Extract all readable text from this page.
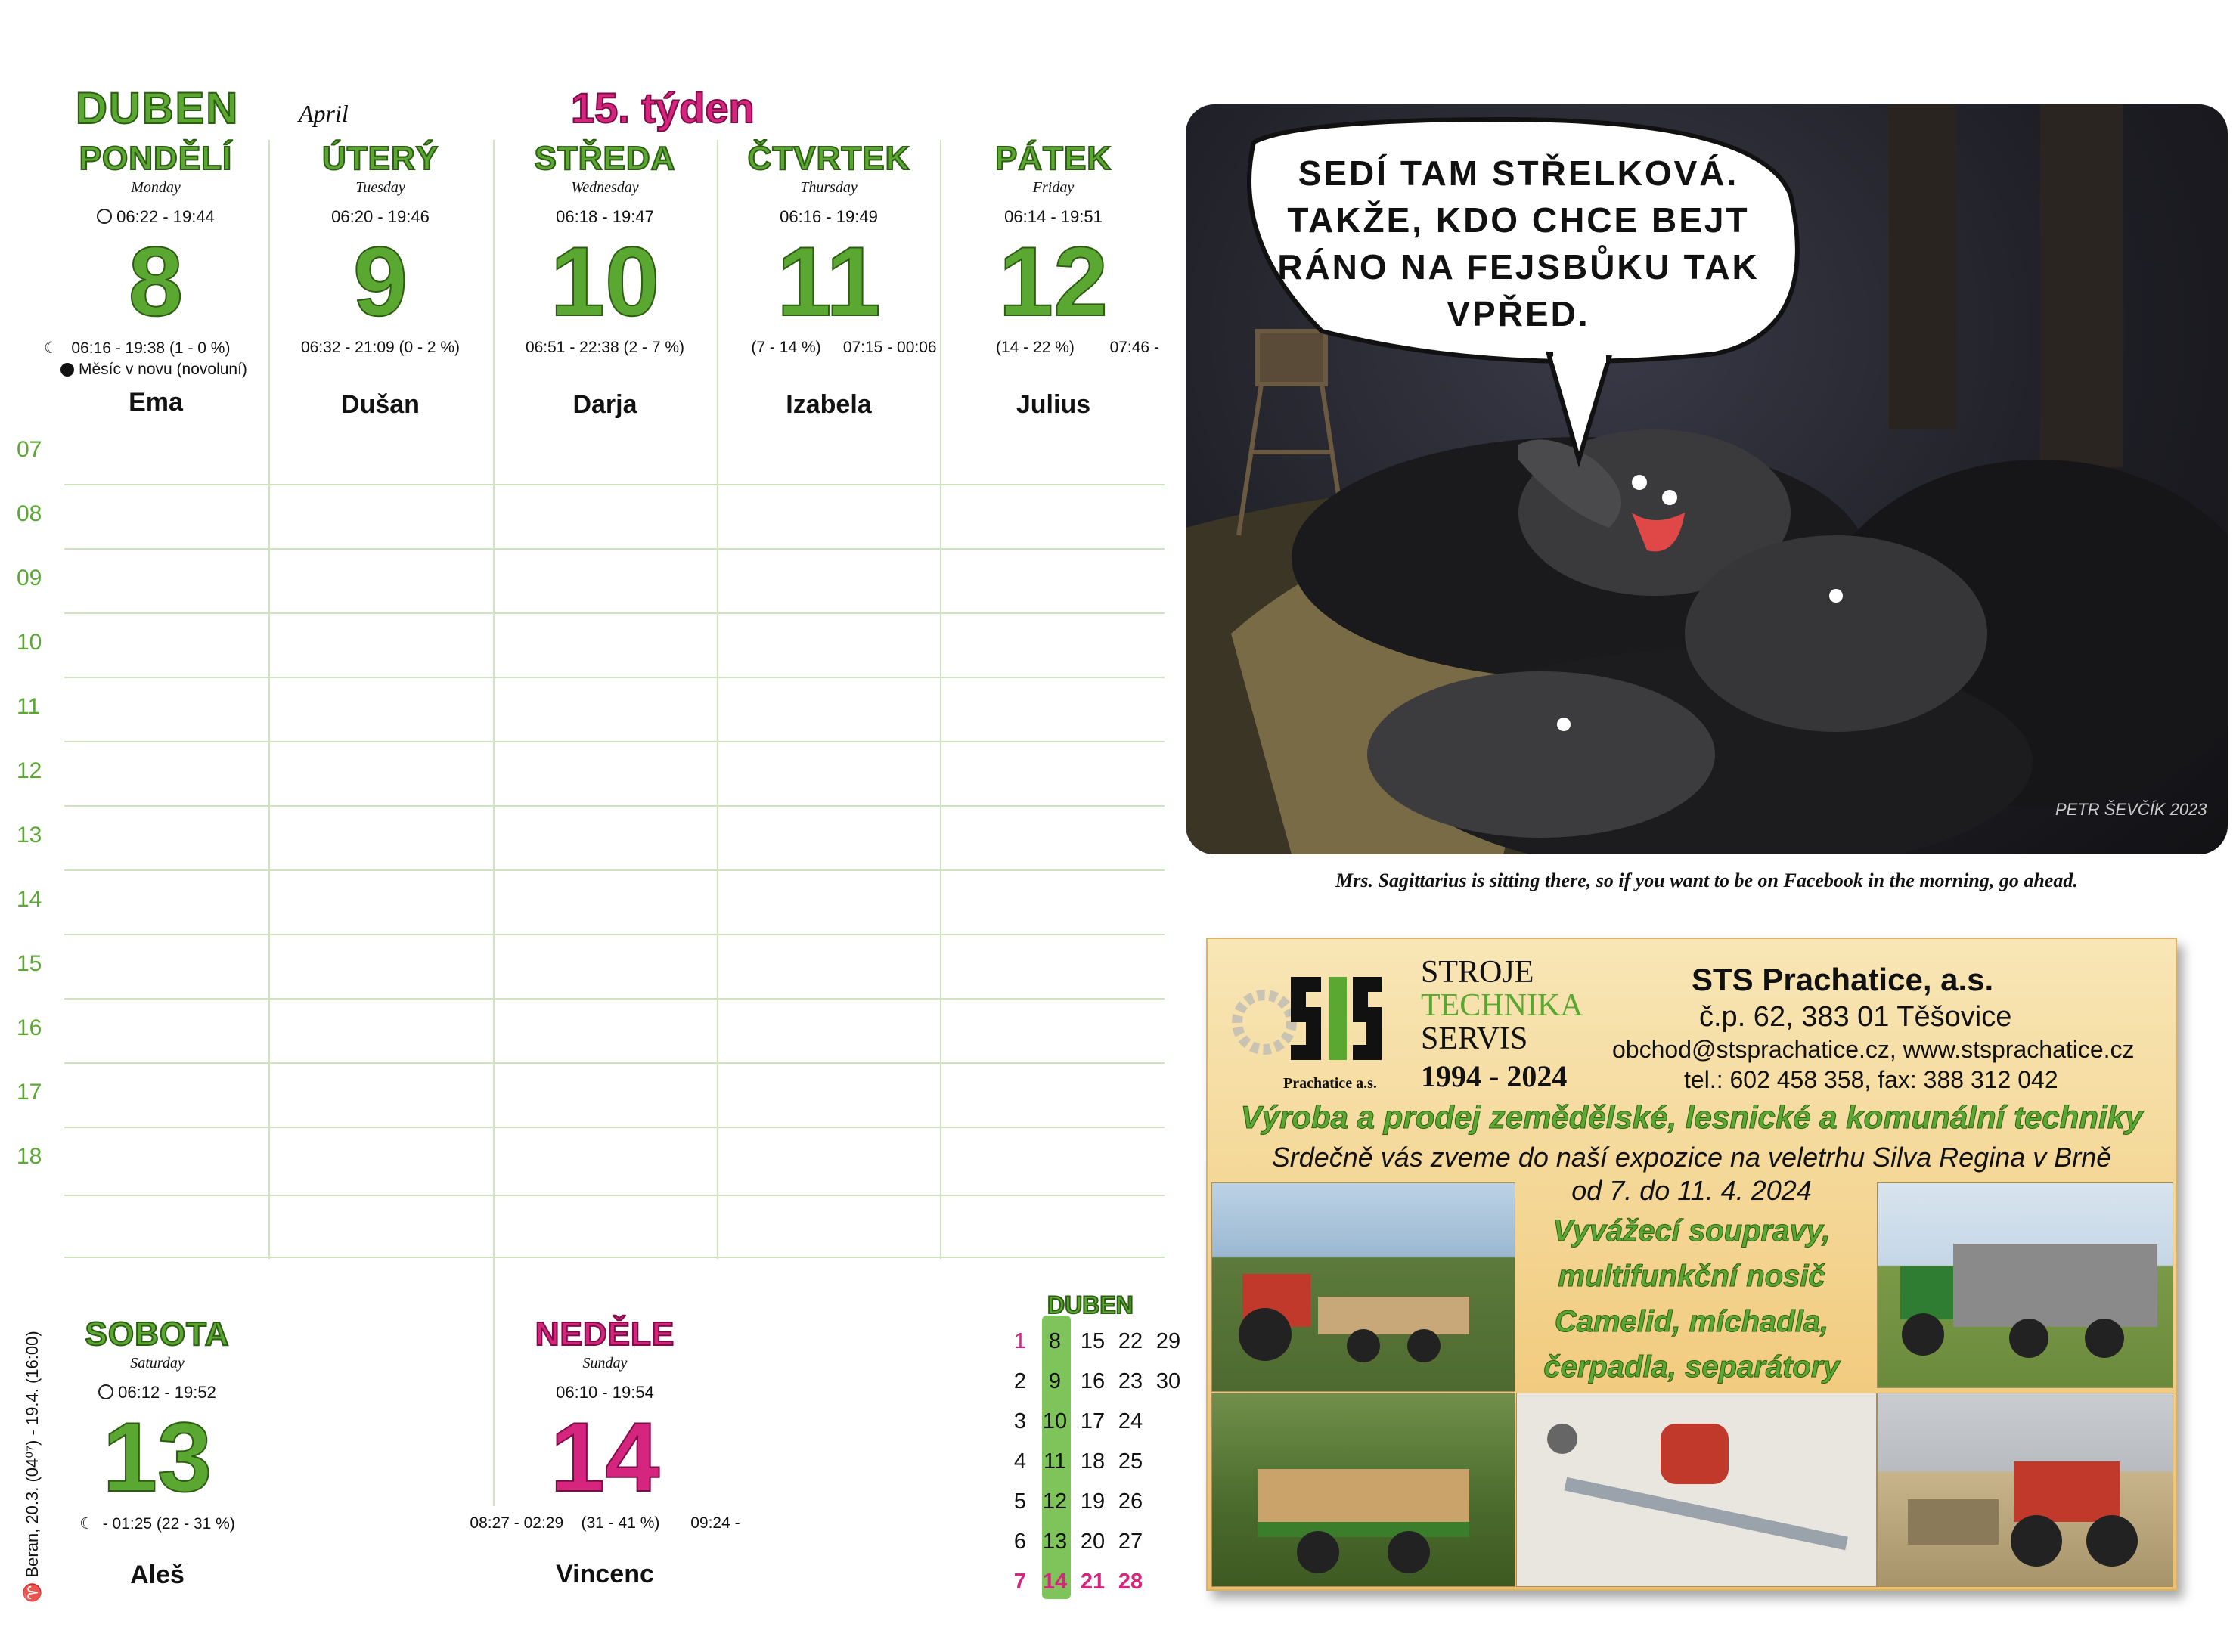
DUBEN April	15. týden
PONDĚLÍ
Monday
06:22 - 19:44
8
☾ 06:16 - 19:38 (1 - 0 %)
Měsíc v novu (novoluní)
Ema
ÚTERÝ
Tuesday
06:20 - 19:46
9
06:32 - 21:09 (0 - 2 %)
Dušan
STŘEDA
Wednesday
06:18 - 19:47
10
06:51 - 22:38 (2 - 7 %)
Darja
ČTVRTEK
Thursday
06:16 - 19:49
11
(7 - 14 %) 07:15 - 00:06
Izabela
PÁTEK
Friday
06:14 - 19:51
12
(14 - 22 %) 07:46 -
Julius
07
08
09
10
11
12
13
14
15
16
17
18
♈ Beran, 20.3. (04⁰⁷) - 19.4. (16:00)	SOBOTA
Saturday
06:12 - 19:52
13
☾ - 01:25 (22 - 31 %)
Aleš
NEDĚLE
Sunday
06:10 - 19:54
14
08:27 - 02:29 (31 - 41 %) 09:24 -
Vincenc
DUBEN
1	8 15 22 29
2	9 16 23 30
3 10 17 24
4 11 18 25
5 12 19 26
6 13 20 27
7 14 21 28
SEDÍ TAM STŘELKOVÁ. TAKŽE, KDO CHCE BEJT RÁNO NA FEJSBŮKU TAK VPŘED.
PETR ŠEVČÍK 2023
Mrs. Sagittarius is sitting there, so if you want to be on Facebook in the morning, go ahead.
Prachatice a.s.
STROJE
TECHNIKA
SERVIS
1994 - 2024
STS Prachatice, a.s.
č.p. 62, 383 01 Těšovice
obchod@stsprachatice.cz, www.stsprachatice.cz
tel.: 602 458 358, fax: 388 312 042
Výroba a prodej zemědělské, lesnické a komunální techniky
Srdečně vás zveme do naší expozice na veletrhu Silva Regina v Brně
od 7. do 11. 4. 2024
Vyvážecí soupravy,
multifunkční nosič
Camelid, míchadla,
čerpadla, separátory
